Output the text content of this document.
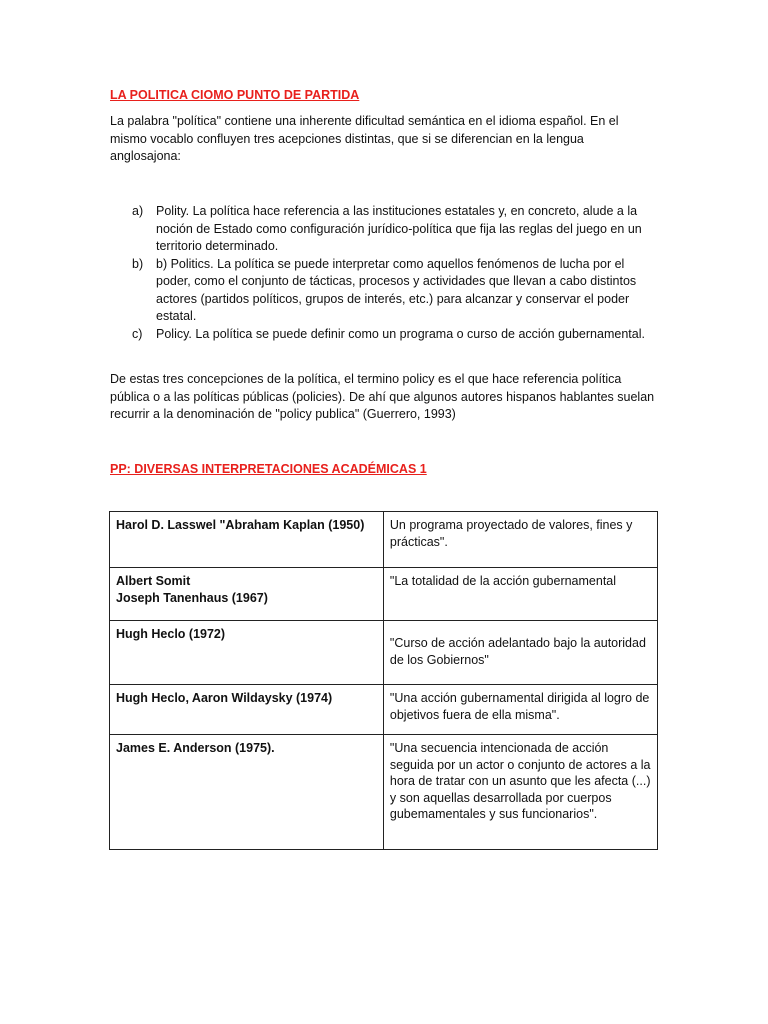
LA POLITICA CIOMO PUNTO DE PARTIDA
La palabra "política" contiene una inherente dificultad semántica en el idioma español. En el mismo vocablo confluyen tres acepciones distintas, que si se diferencian en la lengua anglosajona:
a)	Polity. La política hace referencia a las instituciones estatales y, en concreto, alude a la noción de Estado como configuración jurídico-política que fija las reglas del juego en un territorio determinado.
b)	b) Politics. La política se puede interpretar como aquellos fenómenos de lucha por el poder, como el conjunto de tácticas, procesos y actividades que llevan a cabo distintos actores (partidos políticos, grupos de interés, etc.) para alcanzar y conservar el poder estatal.
c)	Policy. La política se puede definir como un programa o curso de acción gubernamental.
De estas tres concepciones de la política, el termino policy es el que hace referencia política pública o a las políticas públicas (policies). De ahí que algunos autores hispanos hablantes suelan recurrir a la denominación de "policy publica" (Guerrero, 1993)
PP: DIVERSAS INTERPRETACIONES ACADÉMICAS 1
Harol D. Lasswel "Abraham Kaplan (1950)	Un programa proyectado de valores, fines y prácticas".

Albert Somit
Joseph Tanenhaus (1967)	"La totalidad de la acción gubernamental

Hugh Heclo (1972)	"Curso de acción adelantado bajo la autoridad de los Gobiernos"

Hugh Heclo, Aaron Wildaysky (1974)	"Una acción gubernamental dirigida al logro de objetivos fuera de ella misma".

James E. Anderson (1975).	"Una secuencia intencionada de acción seguida por un actor o conjunto de actores a la hora de tratar con un asunto que les afecta (...) y son aquellas desarrollada por cuerpos gubemamentales y sus funcionarios".
